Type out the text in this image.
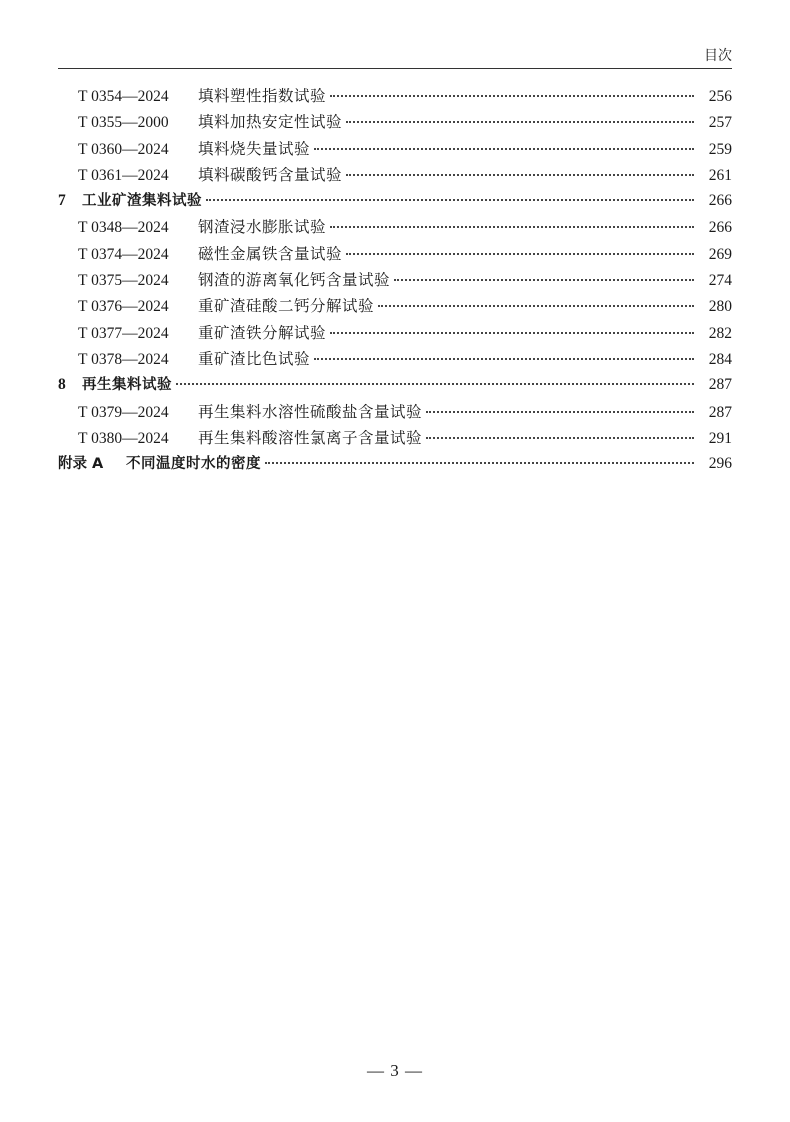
目次
T 0354—2024	填料塑性指数试验	256
T 0355—2000	填料加热安定性试验	257
T 0360—2024	填料烧失量试验	259
T 0361—2024	填料碳酸钙含量试验	261
7	工业矿渣集料试验	266
T 0348—2024	钢渣浸水膨胀试验	266
T 0374—2024	磁性金属铁含量试验	269
T 0375—2024	钢渣的游离氧化钙含量试验	274
T 0376—2024	重矿渣硅酸二钙分解试验	280
T 0377—2024	重矿渣铁分解试验	282
T 0378—2024	重矿渣比色试验	284
8	再生集料试验	287
T 0379—2024	再生集料水溶性硫酸盐含量试验	287
T 0380—2024	再生集料酸溶性氯离子含量试验	291
附录 A	不同温度时水的密度	296
— 3 —
